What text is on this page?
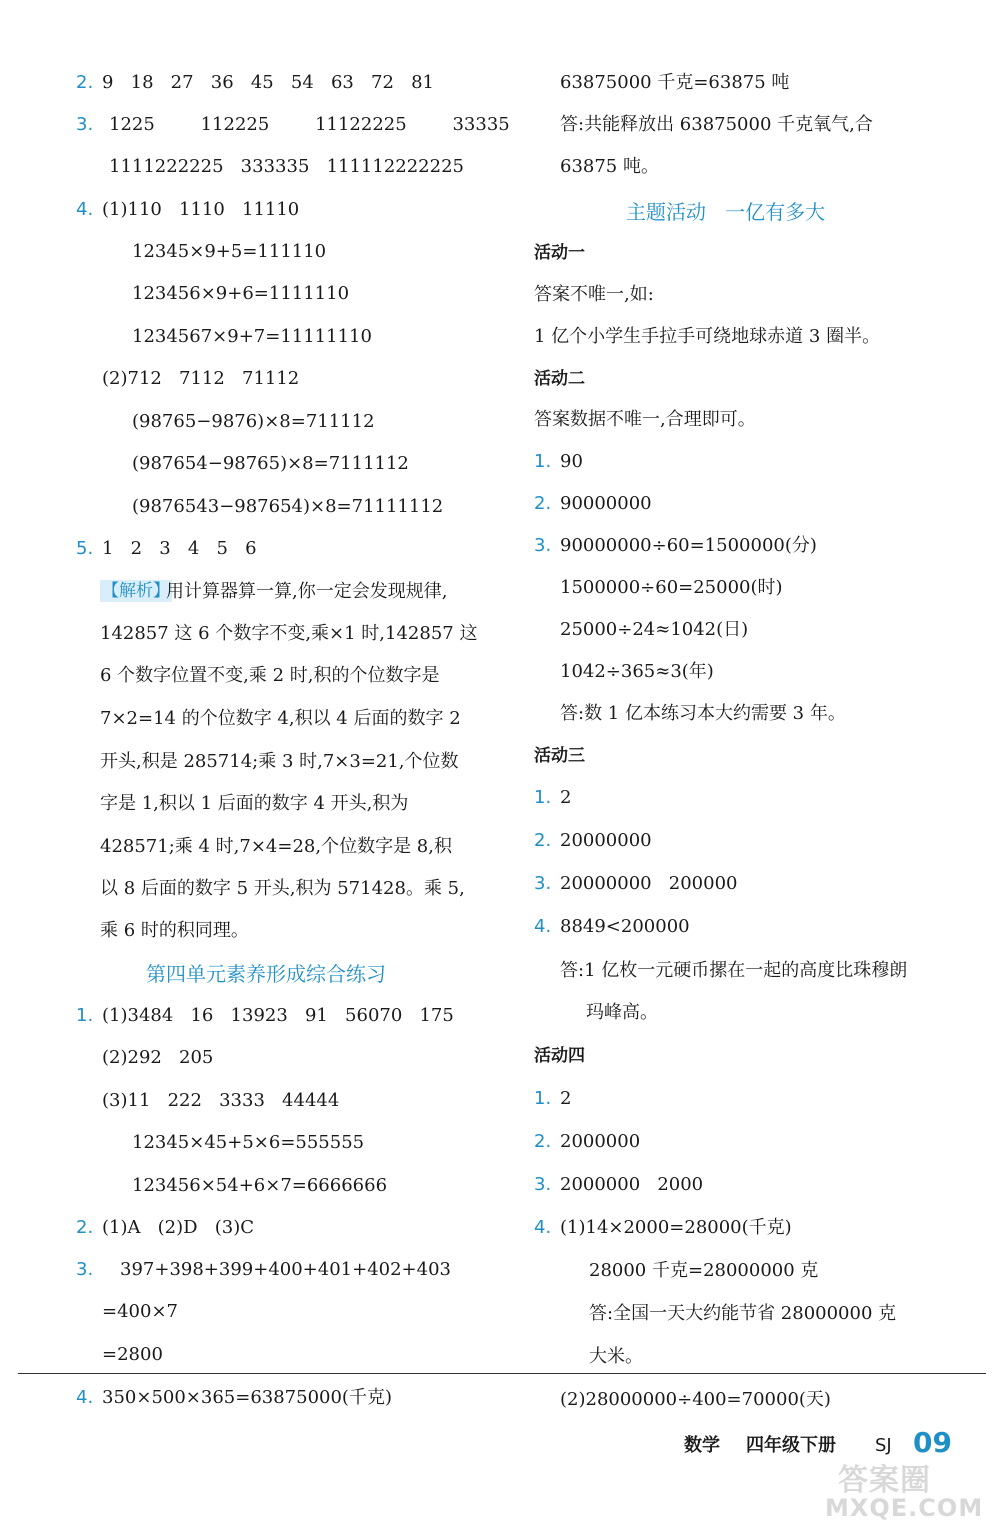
2. 9   18   27   36   45   54   63   72   81
3. 1225        112225        11122225        33335
1111222225   333335   111112222225
4. (1)110   1110   11110
12345×9+5=111110
123456×9+6=1111110
1234567×9+7=11111110
(2)712   7112   71112
(98765−9876)×8=711112
(987654−98765)×8=7111112
(9876543−987654)×8=71111112
5. 1   2   3   4   5   6
【解析】
用计算器算一算,你一定会发现规律,
142857 这 6 个数字不变,乘×1 时,142857 这
6 个数字位置不变,乘 2 时,积的个位数字是
7×2=14 的个位数字 4,积以 4 后面的数字 2
开头,积是 285714;乘 3 时,7×3=21,个位数
字是 1,积以 1 后面的数字 4 开头,积为
428571;乘 4 时,7×4=28,个位数字是 8,积
以 8 后面的数字 5 开头,积为 571428。乘 5,
乘 6 时的积同理。
第四单元素养形成综合练习
1. (1)3484   16   13923   91   56070   175
(2)292   205
(3)11   222   3333   44444
12345×45+5×6=555555
123456×54+6×7=6666666
2. (1)A   (2)D   (3)C
3. 397+398+399+400+401+402+403
=400×7
=2800
4. 350×500×365=63875000(千克)
63875000 千克=63875 吨
答:共能释放出 63875000 千克氧气,合
63875 吨。
主题活动   一亿有多大
活动一
答案不唯一,如:
1 亿个小学生手拉手可绕地球赤道 3 圈半。
活动二
答案数据不唯一,合理即可。
1. 90
2. 90000000
3. 90000000÷60=1500000(分)
1500000÷60=25000(时)
25000÷24≈1042(日)
1042÷365≈3(年)
答:数 1 亿本练习本大约需要 3 年。
活动三
1. 2
2. 20000000
3. 20000000   200000
4. 8849<200000
答:1 亿枚一元硬币摞在一起的高度比珠穆朗
玛峰高。
活动四
1. 2
2. 2000000
3. 2000000   2000
4. (1)14×2000=28000(千克)
28000 千克=28000000 克
答:全国一天大约能节省 28000000 克
大米。
(2)28000000÷400=70000(天)
数学 四年级下册 SJ 09
答案圈
MXQE.COM
